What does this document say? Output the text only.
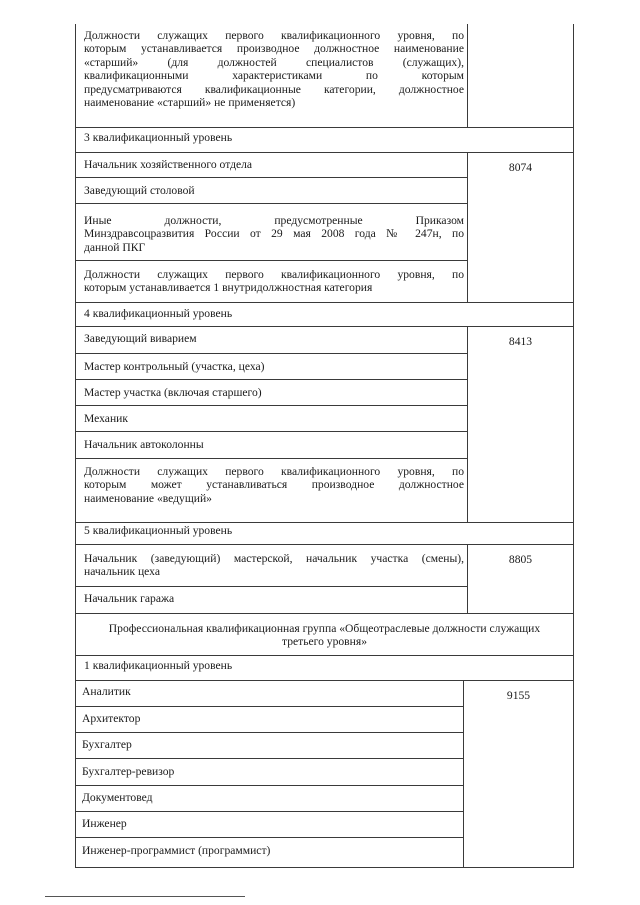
Должности служащих первого квалификационного уровня, по
которым устанавливается производное должностное наименование
«старший» (для должностей специалистов (служащих),
квалификационными характеристиками по которым
предусматриваются квалификационные категории, должностное
наименование «старший» не применяется)
3 квалификационный уровень
Начальник хозяйственного отдела
Заведующий столовой
Иные должности, предусмотренные Приказом
Минздравсоцразвития России от 29 мая 2008 года № 247н, по
данной ПКГ
Должности служащих первого квалификационного уровня, по
которым устанавливается 1 внутридолжностная категория
8074
4 квалификационный уровень
Заведующий виварием
Мастер контрольный (участка, цеха)
Мастер участка (включая старшего)
Механик
Начальник автоколонны
Должности служащих первого квалификационного уровня, по
которым может устанавливаться производное должностное
наименование «ведущий»
8413
5 квалификационный уровень
Начальник (заведующий) мастерской, начальник участка (смены),
начальник цеха
Начальник гаража
8805
Профессиональная квалификационная группа «Общеотраслевые должности служащих
третьего уровня»
1 квалификационный уровень
Аналитик
Архитектор
Бухгалтер
Бухгалтер-ревизор
Документовед
Инженер
Инженер-программист (программист)
9155
